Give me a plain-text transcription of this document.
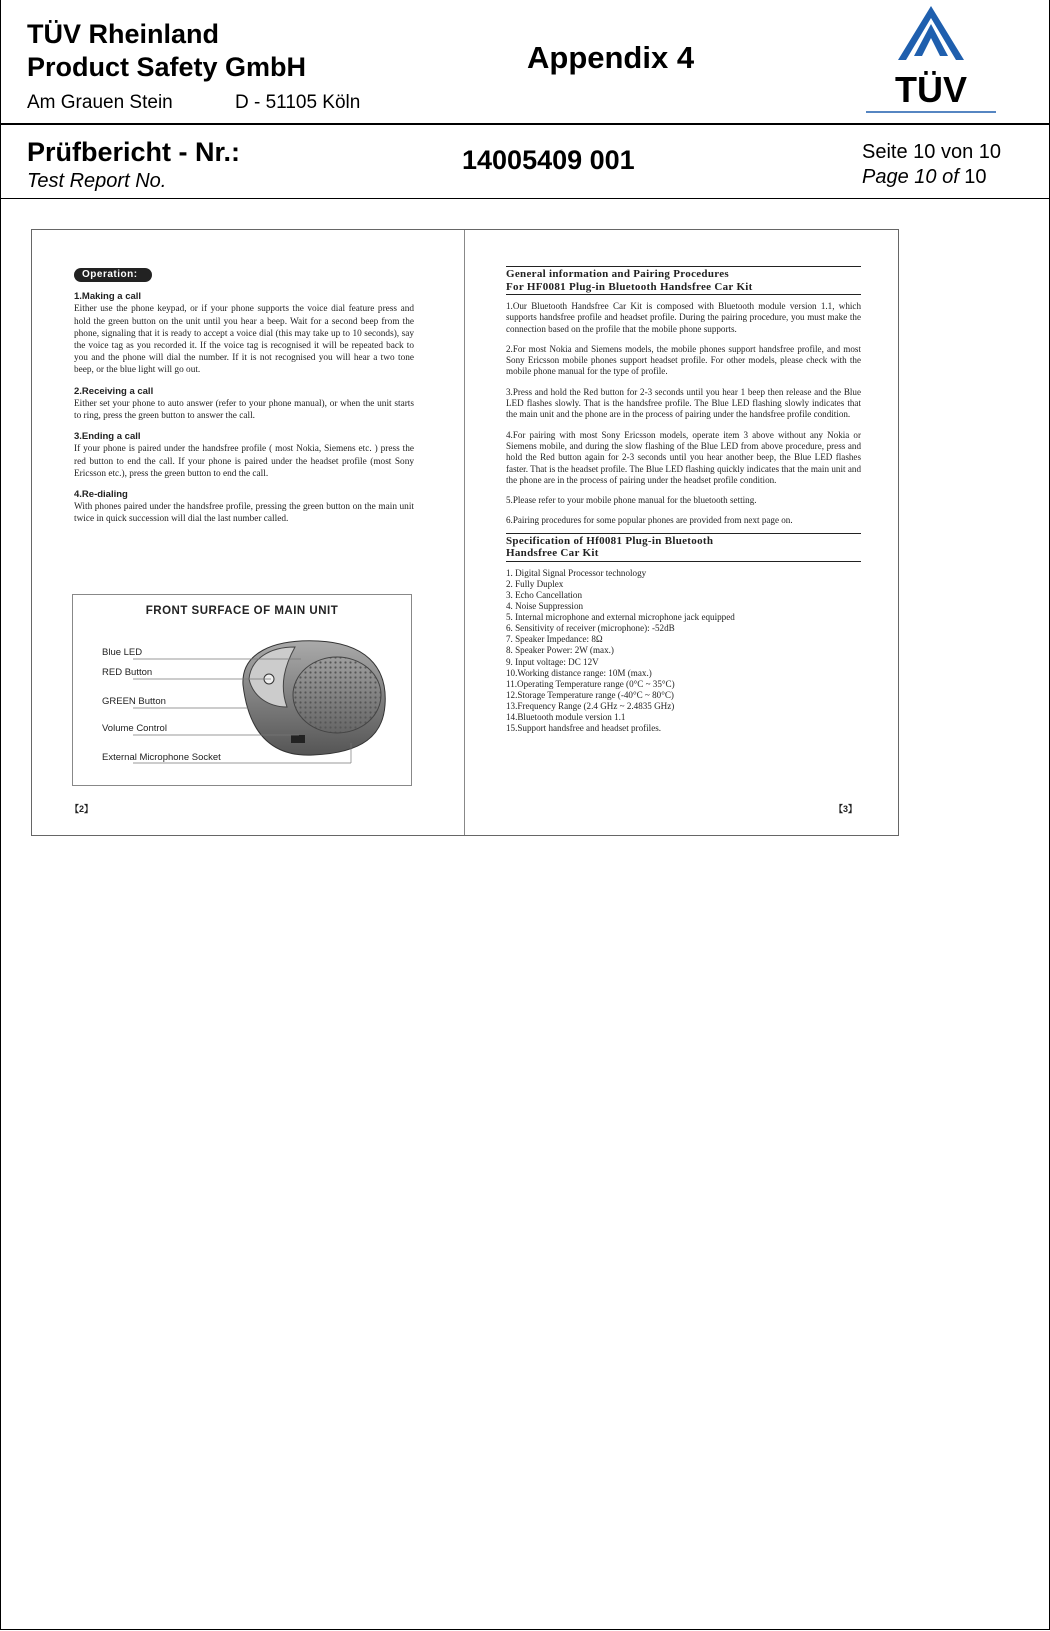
TÜV Rheinland
Product Safety GmbH
Am Grauen Stein	D - 51105 Köln
Appendix 4
TÜV
Prüfbericht - Nr.:
Test Report No.
14005409 001	Seite 10 von 10
Page 10 of 10
Operation:
1.Making a call
Either use the phone keypad, or if your phone supports the voice dial feature press and hold the green button on the unit until you hear a beep. Wait for a second beep from the phone, signaling that it is ready to accept a voice dial (this may take up to 10 seconds), say the voice tag as you recorded it. If the voice tag is recognised it will be repeated back to you and the phone will dial the number. If it is not recognised you will hear a two tone beep, or the blue light will go out.
2.Receiving a call
Either set your phone to auto answer (refer to your phone manual), or when the unit starts to ring, press the green button to answer the call.
3.Ending a call
If your phone is paired under the handsfree profile ( most Nokia, Siemens etc. ) press the red button to end the call. If your phone is paired under the headset profile (most Sony Ericsson etc.), press the green button to end the call.
4.Re-dialing
With phones paired under the handsfree profile, pressing the green button on the main unit twice in quick succession will dial the last number called.
FRONT SURFACE OF MAIN UNIT
Blue LED
RED Button
GREEN Button
Volume Control
External Microphone Socket
【2】
General information and Pairing Procedures
For HF0081 Plug-in Bluetooth Handsfree Car Kit
1.Our Bluetooth Handsfree Car Kit is composed with Bluetooth module version 1.1, which supports handsfree profile and headset profile. During the pairing procedure, you must make the connection based on the profile that the mobile phone supports.
2.For most Nokia and Siemens models, the mobile phones support handsfree profile, and most Sony Ericsson mobile phones support headset profile. For other models, please check with the mobile phone manual for the type of profile.
3.Press and hold the Red button for 2-3 seconds until you hear 1 beep then release and the Blue LED flashes slowly. That is the handsfree profile. The Blue LED flashing slowly indicates that the main unit and the phone are in the process of pairing under the handsfree profile condition.
4.For pairing with most Sony Ericsson models, operate item 3 above without any Nokia or Siemens mobile, and during the slow flashing of the Blue LED from above procedure, press and hold the Red button again for 2-3 seconds until you hear another beep, the Blue LED flashes faster. That is the headset profile. The Blue LED flashing quickly indicates that the main unit and the phone are in the process of pairing under the headset profile condition.
5.Please refer to your mobile phone manual for the bluetooth setting.
6.Pairing procedures for some popular phones are provided from next page on.
Specification of Hf0081 Plug-in Bluetooth
Handsfree Car Kit
1. Digital Signal Processor technology
2. Fully Duplex
3. Echo Cancellation
4. Noise Suppression
5. Internal microphone and external microphone jack equipped
6. Sensitivity of receiver (microphone): -52dB
7. Speaker Impedance: 8Ω
8. Speaker Power: 2W (max.)
9. Input voltage: DC 12V
10.Working distance range: 10M (max.)
11.Operating Temperature range (0°C ~ 35°C)
12.Storage Temperature range (-40°C ~ 80°C)
13.Frequency Range (2.4 GHz ~ 2.4835 GHz)
14.Bluetooth module version 1.1
15.Support handsfree and headset profiles.
【3】
